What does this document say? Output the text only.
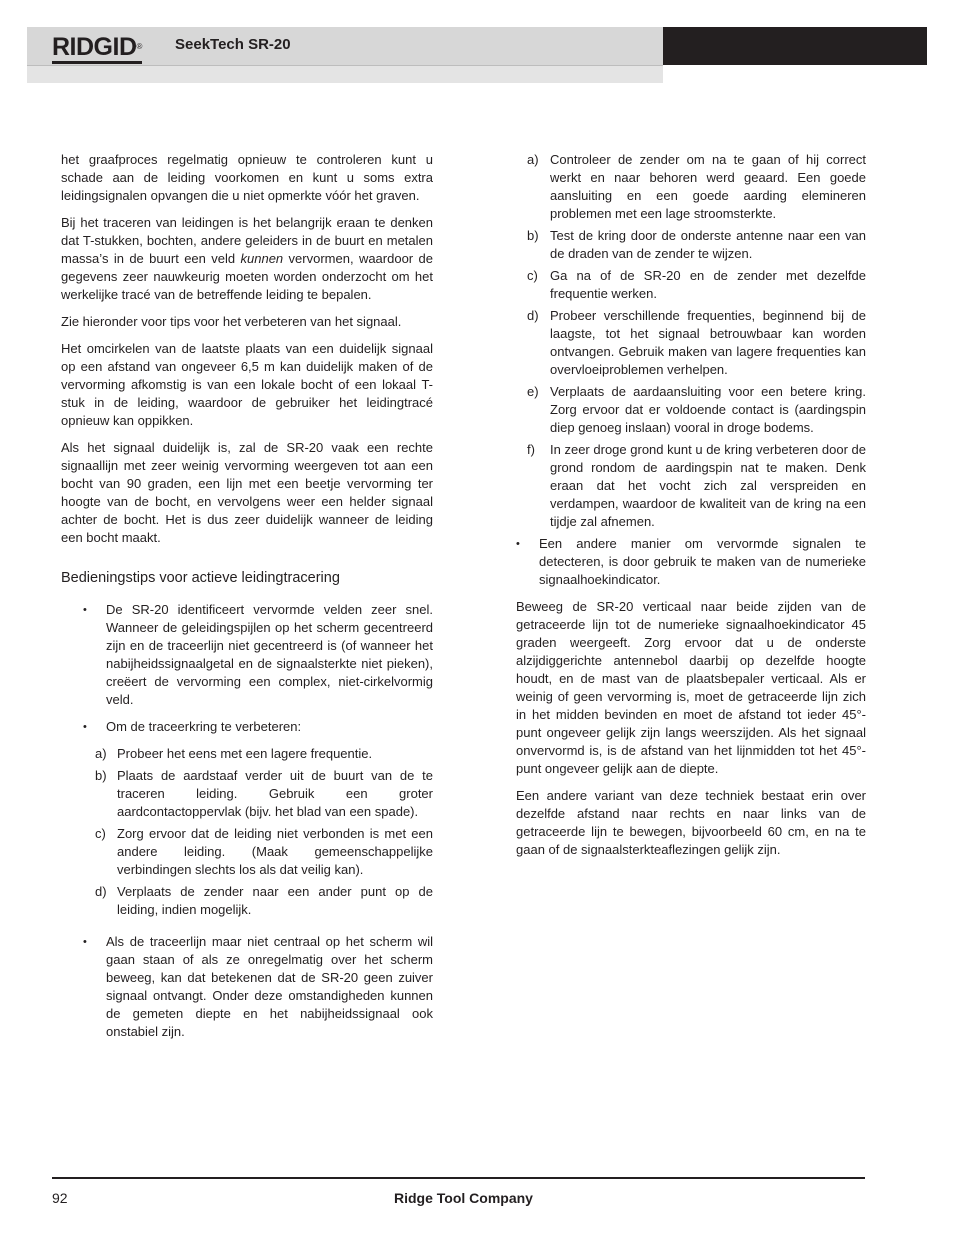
RIDGID® SeekTech SR-20

het graafproces regelmatig opnieuw te controleren kunt u schade aan de leiding voorkomen en kunt u soms extra leidingsignalen opvangen die u niet opmerkte vóór het graven.

Bij het traceren van leidingen is het belangrijk eraan te denken dat T-stukken, bochten, andere geleiders in de buurt en metalen massa’s in de buurt een veld kunnen vervormen, waardoor de gegevens zeer nauwkeurig moeten worden onderzocht om het werkelijke tracé van de betreffende leiding te bepalen.

Zie hieronder voor tips voor het verbeteren van het signaal.

Het omcirkelen van de laatste plaats van een duidelijk signaal op een afstand van ongeveer 6,5 m kan duidelijk maken of de vervorming afkomstig is van een lokale bocht of een lokaal T-stuk in de leiding, waardoor de gebruiker het leidingtracé opnieuw kan oppikken.

Als het signaal duidelijk is, zal de SR-20 vaak een rechte signaallijn met zeer weinig vervorming weergeven tot aan een bocht van 90 graden, een lijn met een beetje vervorming ter hoogte van de bocht, en vervolgens weer een helder signaal achter de bocht. Het is dus zeer duidelijk wanneer de leiding een bocht maakt.

Bedieningstips voor actieve leidingtracering
• De SR-20 identificeert vervormde velden zeer snel. Wanneer de geleidingspijlen op het scherm gecentreerd zijn en de traceerlijn niet gecentreerd is (of wanneer het nabijheidssignaalgetal en de signaalsterkte niet pieken), creëert de vervorming een complex, niet-cirkelvormig veld.
• Om de traceerkring te verbeteren:
a) Probeer het eens met een lagere frequentie.
b) Plaats de aardstaaf verder uit de buurt van de te traceren leiding. Gebruik een groter aardcontactoppervlak (bijv. het blad van een spade).
c) Zorg ervoor dat de leiding niet verbonden is met een andere leiding. (Maak gemeenschappelijke verbindingen slechts los als dat veilig kan).
d) Verplaats de zender naar een ander punt op de leiding, indien mogelijk.
• Als de traceerlijn maar niet centraal op het scherm wil gaan staan of als ze onregelmatig over het scherm beweeg, kan dat betekenen dat de SR-20 geen zuiver signaal ontvangt. Onder deze omstandigheden kunnen de gemeten diepte en het nabijheidssignaal ook onstabiel zijn.
a) Controleer de zender om na te gaan of hij correct werkt en naar behoren werd geaard. Een goede aansluiting en een goede aarding elemineren problemen met een lage stroomsterkte.
b) Test de kring door de onderste antenne naar een van de draden van de zender te wijzen.
c) Ga na of de SR-20 en de zender met dezelfde frequentie werken.
d) Probeer verschillende frequenties, beginnend bij de laagste, tot het signaal betrouwbaar kan worden ontvangen. Gebruik maken van lagere frequenties kan overvloeiproblemen verhelpen.
e) Verplaats de aardaansluiting voor een betere kring. Zorg ervoor dat er voldoende contact is (aardingspin diep genoeg inslaan) vooral in droge bodems.
f) In zeer droge grond kunt u de kring verbeteren door de grond rondom de aardingspin nat te maken. Denk eraan dat het vocht zich zal verspreiden en verdampen, waardoor de kwaliteit van de kring na een tijdje zal afnemen.
• Een andere manier om vervormde signalen te detecteren, is door gebruik te maken van de numerieke signaalhoekindicator.

Beweeg de SR-20 verticaal naar beide zijden van de getraceerde lijn tot de numerieke signaalhoekindicator 45 graden weergeeft. Zorg ervoor dat u de onderste alzijdiggerichte antennebol daarbij op dezelfde hoogte houdt, en de mast van de plaatsbepaler verticaal. Als er weinig of geen vervorming is, moet de getraceerde lijn zich in het midden bevinden en moet de afstand tot ieder 45°-punt ongeveer gelijk zijn langs weerszijden. Als het signaal onvervormd is, is de afstand van het lijnmidden tot het 45°-punt ongeveer gelijk aan de diepte.

Een andere variant van deze techniek bestaat erin over dezelfde afstand naar rechts en naar links van de getraceerde lijn te bewegen, bijvoorbeeld 60 cm, en na te gaan of de signaalsterkteaflezingen gelijk zijn.

92	Ridge Tool Company
